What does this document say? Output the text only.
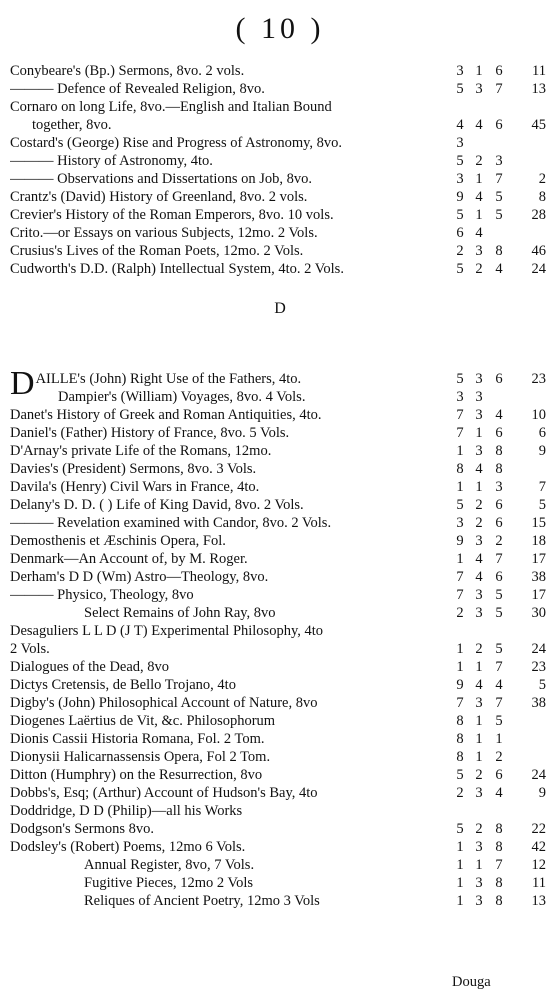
( 10 )
Conybeare's (Bp.) Sermons, 8vo. 2 vols.	3 1 6	11
——— Defence of Revealed Religion, 8vo.	5 3 7	13
Cornaro on long Life, 8vo.—English and Italian Bound
together, 8vo.	4 4 6	45
Costard's (George) Rise and Progress of Astronomy, 8vo.	3
——— History of Astronomy, 4to.	5 2 3
——— Observations and Dissertations on Job, 8vo.	3 1 7	2
Crantz's (David) History of Greenland, 8vo. 2 vols.	9 4 5	8
Crevier's History of the Roman Emperors, 8vo. 10 vols.	5 1 5	28
Crito.—or Essays on various Subjects, 12mo. 2 Vols.	6 4
Crusius's Lives of the Roman Poets, 12mo. 2 Vols.	2 3 8	46
Cudworth's D.D. (Ralph) Intellectual System, 4to. 2 Vols.	5 2 4	24
D
DAILLE's (John) Right Use of the Fathers, 4to.	5 3 6	23
Dampier's (William) Voyages, 8vo. 4 Vols.	3 3
Danet's History of Greek and Roman Antiquities, 4to.	7 3 4	10
Daniel's (Father) History of France, 8vo. 5 Vols.	7 1 6	6
D'Arnay's private Life of the Romans, 12mo.	1 3 8	9
Davies's (President) Sermons, 8vo. 3 Vols.	8 4 8
Davila's (Henry) Civil Wars in France, 4to.	1 1 3	7
Delany's D. D. ( ) Life of King David, 8vo. 2 Vols.	5 2 6	5
——— Revelation examined with Candor, 8vo. 2 Vols.	3 2 6	15
Demosthenis et Æschinis Opera, Fol.	9 3 2	18
Denmark—An Account of, by M. Roger.	1 4 7	17
Derham's D D (Wm) Astro—Theology, 8vo.	7 4 6	38
——— Physico, Theology, 8vo	7 3 5	17
Select Remains of John Ray, 8vo	2 3 5	30
Desaguliers L L D (J T) Experimental Philosophy, 4to
2 Vols.	1 2 5	24
Dialogues of the Dead, 8vo	1 1 7	23
Dictys Cretensis, de Bello Trojano, 4to	9 4 4	5
Digby's (John) Philosophical Account of Nature, 8vo	7 3 7	38
Diogenes Laërtius de Vit, &c. Philosophorum	8 1 5
Dionis Cassii Historia Romana, Fol. 2 Tom.	8 1 1
Dionysii Halicarnassensis Opera, Fol 2 Tom.	8 1 2
Ditton (Humphry) on the Resurrection, 8vo	5 2 6	24
Dobbs's, Esq; (Arthur) Account of Hudson's Bay, 4to	2 3 4	9
Doddridge, D D (Philip)—all his Works
Dodgson's Sermons 8vo.	5 2 8	22
Dodsley's (Robert) Poems, 12mo 6 Vols.	1 3 8	42
Annual Register, 8vo, 7 Vols.	1 1 7	12
Fugitive Pieces, 12mo 2 Vols	1 3 8	11
Reliques of Ancient Poetry, 12mo 3 Vols	1 3 8	13
Douga
